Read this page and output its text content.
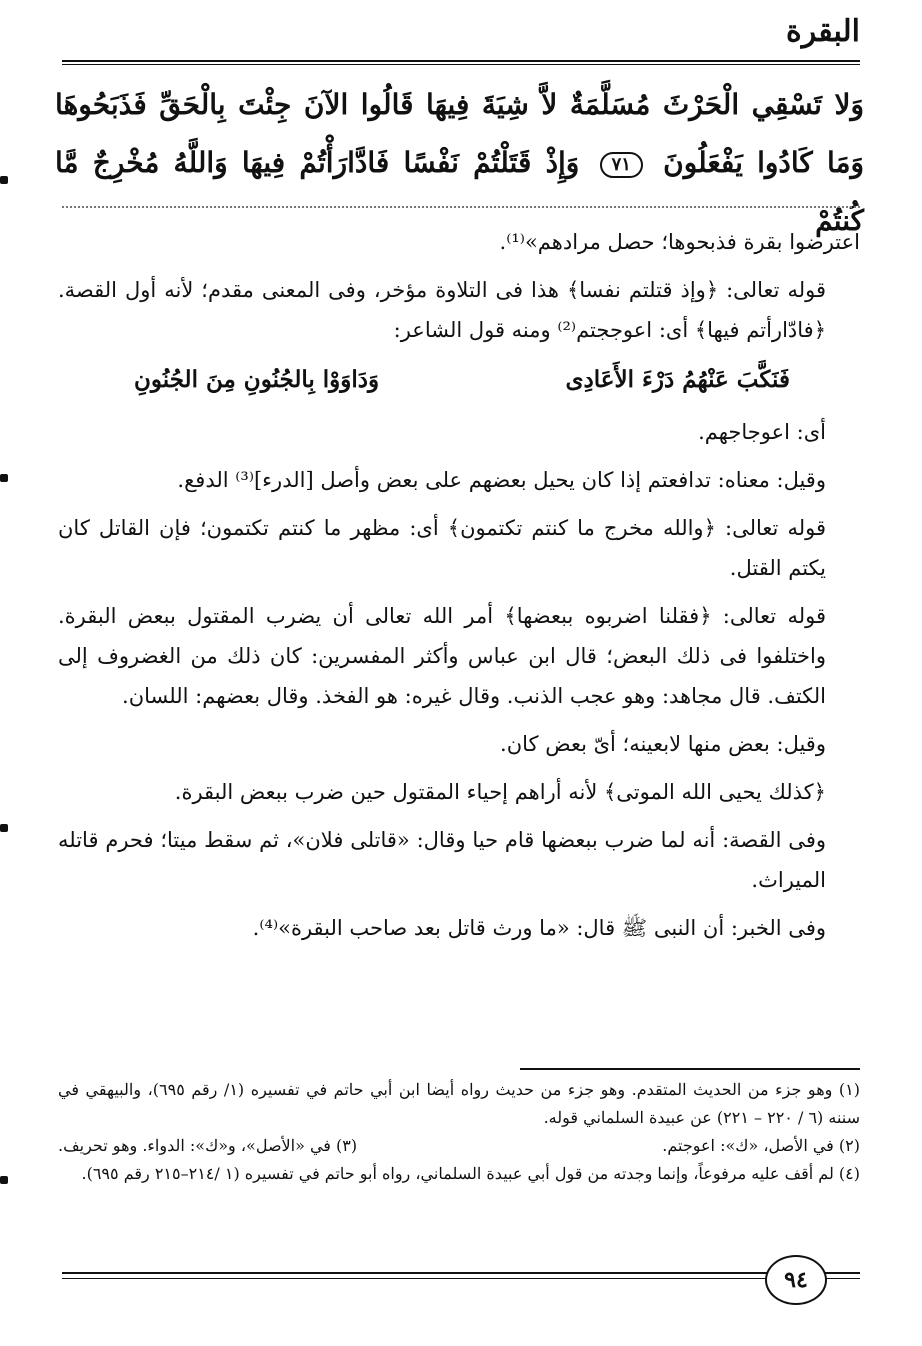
البقرة
وَلا تَسْقِي الْحَرْثَ مُسَلَّمَةٌ لاَّ شِيَةَ فِيهَا قَالُوا الآنَ جِئْتَ بِالْحَقِّ فَذَبَحُوهَا وَمَا كَادُوا يَفْعَلُونَ ٧١ وَإِذْ قَتَلْتُمْ نَفْسًا فَادَّارَأْتُمْ فِيهَا وَاللَّهُ مُخْرِجٌ مَّا كُنتُمْ

اعترضوا بقرة فذبحوها؛ حصل مرادهم»⁽¹⁾.

قوله تعالى: ﴿وإذ قتلتم نفسا﴾ هذا فى التلاوة مؤخر، وفى المعنى مقدم؛ لأنه أول القصة. ﴿فادّارأتم فيها﴾ أى: اعوججتم⁽²⁾ ومنه قول الشاعر:

فَنَكَّبَ عَنْهُمُ دَرْءَ الأَعَادِى
وَدَاوَوْا بِالجُنُونِ مِنَ الجُنُونِ

أى: اعوجاجهم.

وقيل: معناه: تدافعتم إذا كان يحيل بعضهم على بعض وأصل [الدرء]⁽³⁾ الدفع.

قوله تعالى: ﴿والله مخرج ما كنتم تكتمون﴾ أى: مظهر ما كنتم تكتمون؛ فإن القاتل كان يكتم القتل.

قوله تعالى: ﴿فقلنا اضربوه ببعضها﴾ أمر الله تعالى أن يضرب المقتول ببعض البقرة. واختلفوا فى ذلك البعض؛ قال ابن عباس وأكثر المفسرين: كان ذلك من الغضروف إلى الكتف. قال مجاهد: وهو عجب الذنب. وقال غيره: هو الفخذ. وقال بعضهم: اللسان.

وقيل: بعض منها لابعينه؛ أىّ بعض كان.

﴿كذلك يحيى الله الموتى﴾ لأنه أراهم إحياء المقتول حين ضرب ببعض البقرة.

وفى القصة: أنه لما ضرب ببعضها قام حيا وقال: «قاتلى فلان»، ثم سقط ميتا؛ فحرم قاتله الميراث.

وفى الخبر: أن النبى ﷺ قال: «ما ورث قاتل بعد صاحب البقرة»⁽⁴⁾.

(١) وهو جزء من الحديث المتقدم. وهو جزء من حديث رواه أيضا ابن أبي حاتم في تفسيره (١/ رقم ٦٩٥)، والبيهقي في سننه (٦ / ٢٢٠ – ٢٢١) عن عبيدة السلماني قوله.

(٢) في الأصل، «ك»: اعوجتم.
(٣) في «الأصل»، و«ك»: الدواء. وهو تحريف.

(٤) لم أقف عليه مرفوعاً، وإنما وجدته من قول أبي عبيدة السلماني، رواه أبو حاتم في تفسيره (١ /٢١٤–٢١٥ رقم ٦٩٥).

٩٤
